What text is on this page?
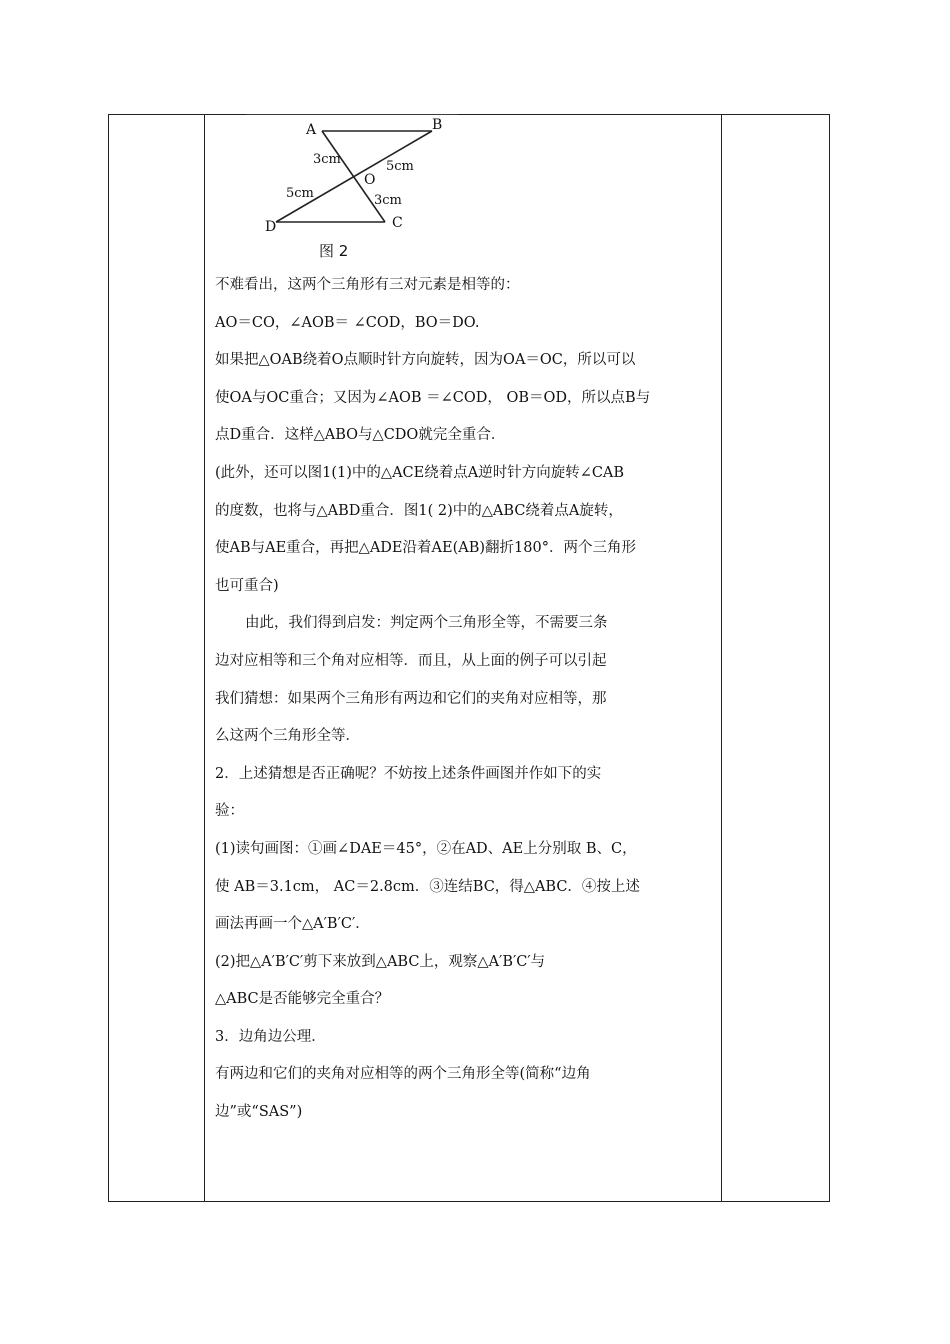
A	B
C
D
O
3cm	5cm
5cm	3cm
图 2
不难看出，这两个三角形有三对元素是相等的：
AO＝CO，∠AOB＝ ∠COD，BO＝DO.
如果把△OAB绕着O点顺时针方向旋转，因为OA＝OC，所以可以
使OA与OC重合；又因为∠AOB ＝∠COD， OB＝OD，所以点B与
点D重合．这样△ABO与△CDO就完全重合．
(此外，还可以图1(1)中的△ACE绕着点A逆时针方向旋转∠CAB
的度数，也将与△ABD重合．图1( 2)中的△ABC绕着点A旋转，
使AB与AE重合，再把△ADE沿着AE(AB)翻折180°．两个三角形
也可重合)
由此，我们得到启发：判定两个三角形全等，不需要三条
边对应相等和三个角对应相等．而且，从上面的例子可以引起
我们猜想：如果两个三角形有两边和它们的夹角对应相等，那
么这两个三角形全等．
2．上述猜想是否正确呢？不妨按上述条件画图并作如下的实
验：
(1)读句画图：①画∠DAE＝45°，②在AD、AE上分别取 B、C，
使 AB＝3.1cm， AC＝2.8cm．③连结BC，得△ABC．④按上述
画法再画一个△A′B′C′．
(2)把△A′B′C′剪下来放到△ABC上，观察△A′B′C′与
△ABC是否能够完全重合？
3．边角边公理．
有两边和它们的夹角对应相等的两个三角形全等(简称“边角
边”或“SAS”)
